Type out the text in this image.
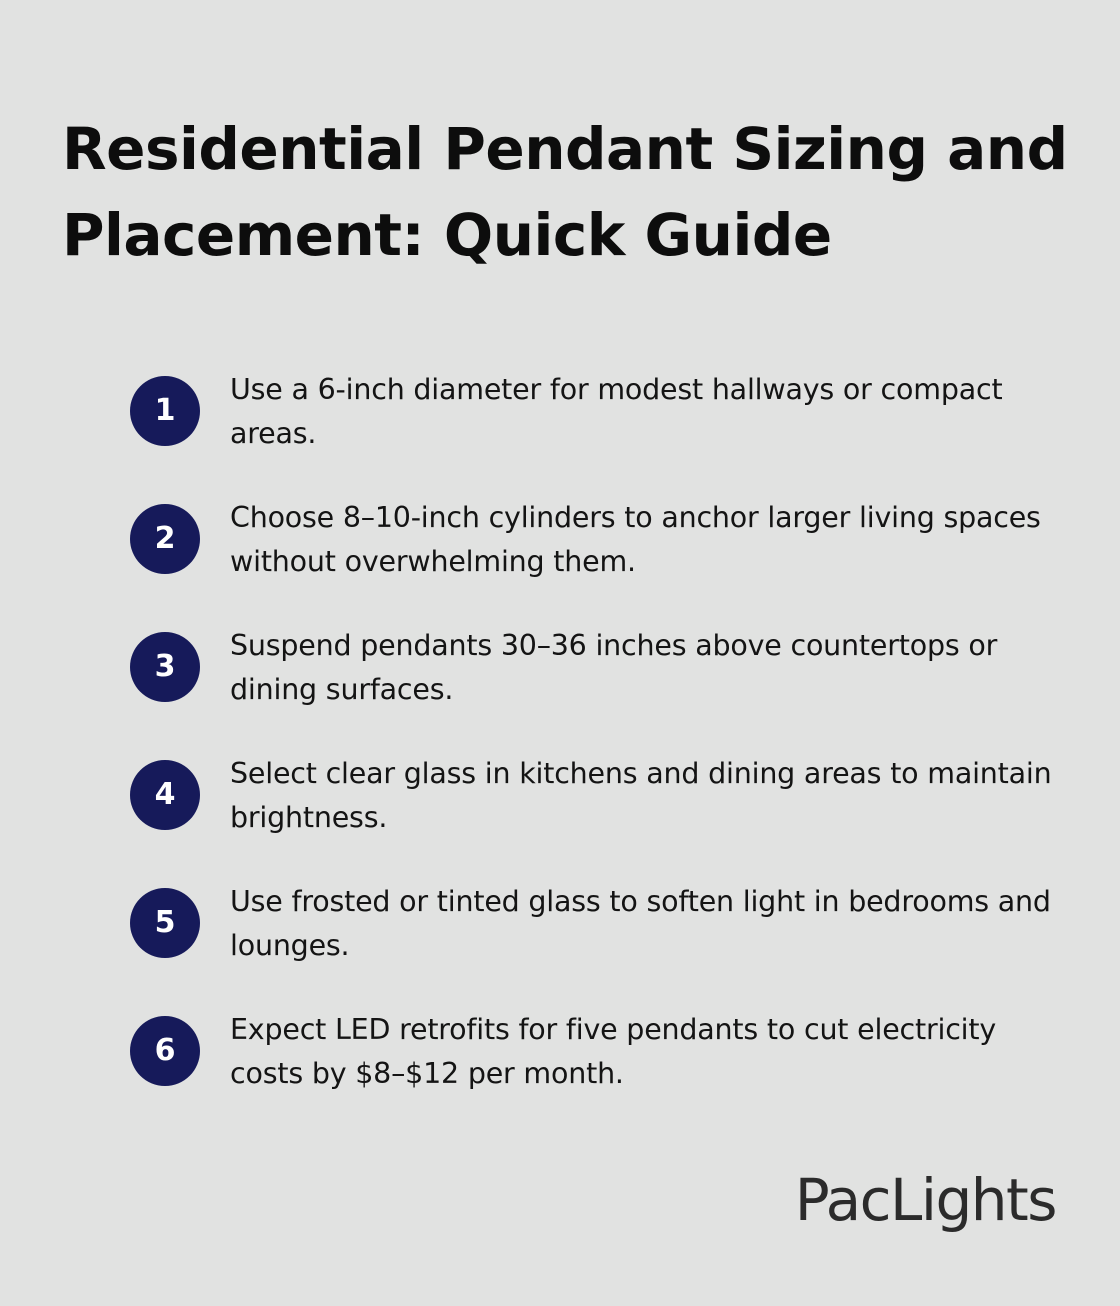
Residential Pendant Sizing and Placement: Quick Guide
1

Use a 6-inch diameter for modest hallways or compact areas.

2

Choose 8–10-inch cylinders to anchor larger living spaces without overwhelming them.

3

Suspend pendants 30–36 inches above countertops or dining surfaces.

4

Select clear glass in kitchens and dining areas to maintain brightness.

5

Use frosted or tinted glass to soften light in bedrooms and lounges.

6

Expect LED retrofits for five pendants to cut electricity costs by $8–$12 per month.

PacLights
